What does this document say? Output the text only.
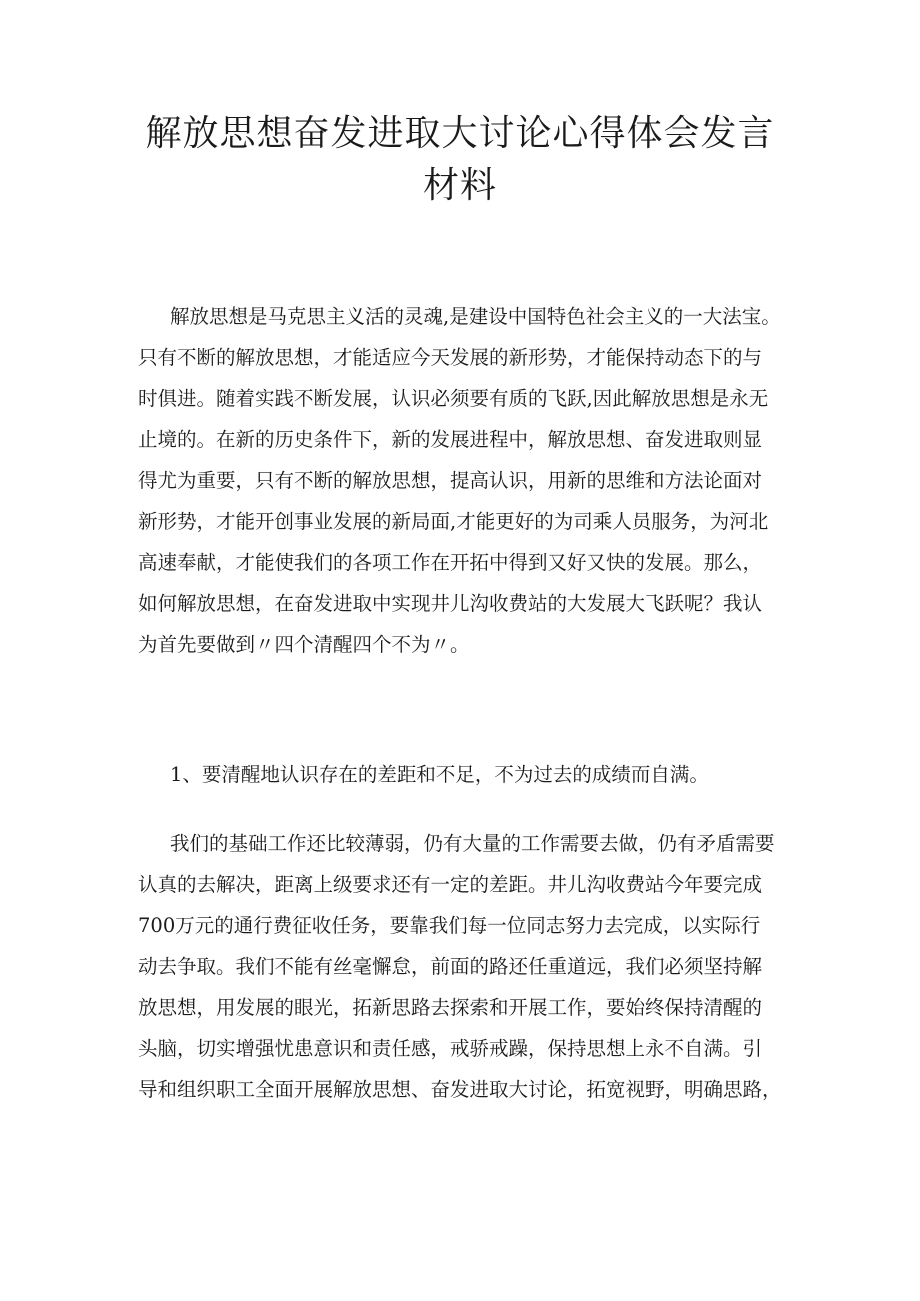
解放思想奋发进取大讨论心得体会发言
材料

解放思想是马克思主义活的灵魂,是建设中国特色社会主义的一大法宝。
只有不断的解放思想，才能适应今天发展的新形势，才能保持动态下的与
时俱进。随着实践不断发展，认识必须要有质的飞跃,因此解放思想是永无
止境的。在新的历史条件下，新的发展进程中，解放思想、奋发进取则显
得尤为重要，只有不断的解放思想，提高认识，用新的思维和方法论面对
新形势，才能开创事业发展的新局面,才能更好的为司乘人员服务，为河北
高速奉献，才能使我们的各项工作在开拓中得到又好又快的发展。那么，
如何解放思想，在奋发进取中实现井儿沟收费站的大发展大飞跃呢？我认
为首先要做到〃四个清醒四个不为〃。

1、要清醒地认识存在的差距和不足，不为过去的成绩而自满。

我们的基础工作还比较薄弱，仍有大量的工作需要去做，仍有矛盾需要
认真的去解决，距离上级要求还有一定的差距。井儿沟收费站今年要完成
700万元的通行费征收任务，要靠我们每一位同志努力去完成，以实际行
动去争取。我们不能有丝毫懈怠，前面的路还任重道远，我们必须坚持解
放思想，用发展的眼光，拓新思路去探索和开展工作，要始终保持清醒的
头脑，切实增强忧患意识和责任感，戒骄戒躁，保持思想上永不自满。引
导和组织职工全面开展解放思想、奋发进取大讨论，拓宽视野，明确思路，
